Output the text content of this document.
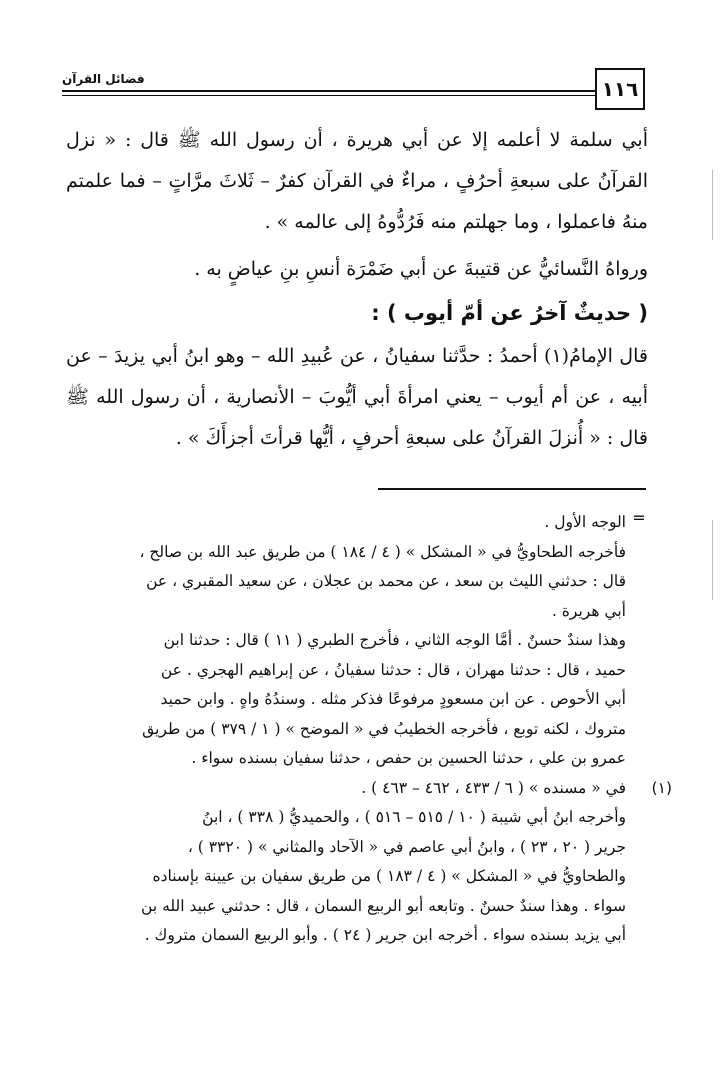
١١٦
فضائل القرآن

أبي سلمة لا أعلمه إلا عن أبي هريرة ، أن رسول الله ﷺ قال : « نزل القرآنُ على سبعةِ أحرُفٍ ، مراءٌ في القرآن كفرٌ – ثَلاثَ مرَّاتٍ – فما علمتم منهُ فاعملوا ، وما جهلتم منه فَرُدُّوهُ إلى عالمه » .

ورواهُ النَّسائيُّ عن قتيبةَ عن أبي ضَمْرَة أنسِ بنِ عياضٍ به .

( حديثٌ آخرُ عن أمّ أيوب ) :

قال الإمامُ(١) أحمدُ : حدَّثنا سفيانُ ، عن عُبيدِ الله – وهو ابنُ أبي يزيدَ – عن أبيه ، عن أم أيوب – يعني امرأةَ أبي أيُّوبَ – الأنصارية ، أن رسول الله ﷺ قال : « أُنزلَ القرآنُ على سبعةِ أحرفٍ ، أيُّها قرأتَ أجزأَكَ » .

=

الوجه الأول .

فأخرجه الطحاويُّ في « المشكل » ( ٤ / ١٨٤ ) من طريق عبد الله بن صالح ،

قال : حدثني الليث بن سعد ، عن محمد بن عجلان ، عن سعيد المقبري ، عن

أبي هريرة .

وهذا سندٌ حسنٌ . أمَّا الوجه الثاني ، فأخرج الطبري ( ١١ ) قال : حدثنا ابن

حميد ، قال : حدثنا مهران ، قال : حدثنا سفيانُ ، عن إبراهيم الهجري . عن

أبي الأحوص . عن ابن مسعودٍ مرفوعًا فذكر مثله . وسندُهُ واهٍ . وابن حميد

متروك ، لكنه توبع ، فأخرجه الخطيبُ في « الموضح » ( ١ / ٣٧٩ ) من طريق

عمرو بن علي ، حدثنا الحسين بن حفص ، حدثنا سفيان بسنده سواء .

(١)

في « مسنده » ( ٦ / ٤٣٣ ، ٤٦٢ – ٤٦٣ ) .

وأخرجه ابنُ أبي شيبة ( ١٠ / ٥١٥ – ٥١٦ ) ، والحميديُّ ( ٣٣٨ ) ، ابنُ

جرير ( ٢٠ ، ٢٣ ) ، وابنُ أبي عاصم في « الآحاد والمثاني » ( ٣٣٢٠ ) ،

والطحاويُّ في « المشكل » ( ٤ / ١٨٣ ) من طريق سفيان بن عيينة بإسناده

سواء . وهذا سندٌ حسنٌ . وتابعه أبو الربيع السمان ، قال : حدثني عبيد الله بن

أبي يزيد بسنده سواء . أخرجه ابن جرير ( ٢٤ ) . وأبو الربيع السمان متروك .
